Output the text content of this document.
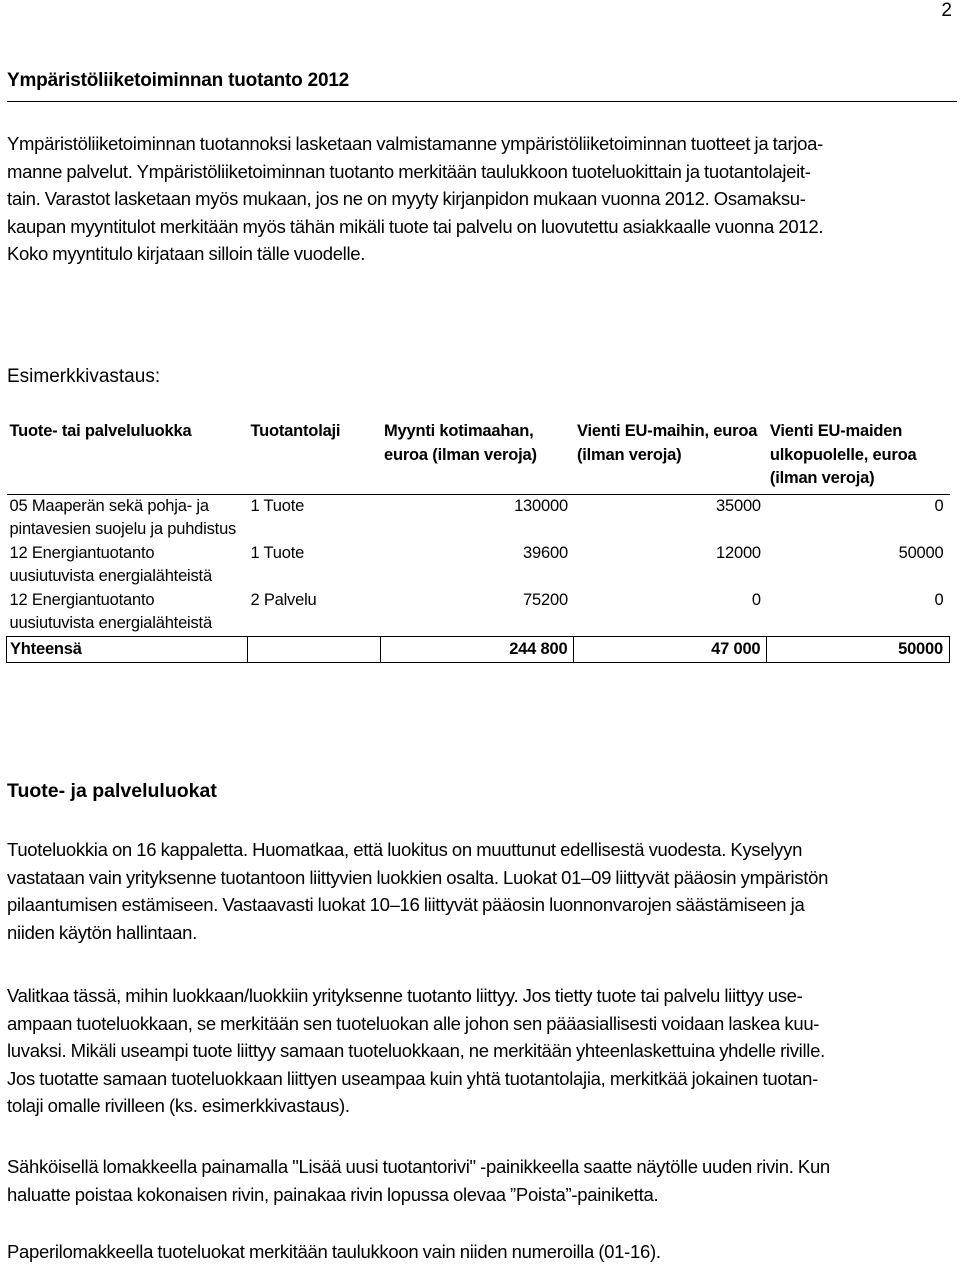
2
Ympäristöliiketoiminnan tuotanto 2012
Ympäristöliiketoiminnan tuotannoksi lasketaan valmistamanne ympäristöliiketoiminnan tuotteet ja tarjoa-
manne palvelut. Ympäristöliiketoiminnan tuotanto merkitään taulukkoon tuoteluokittain ja tuotantolajeit-
tain. Varastot lasketaan myös mukaan, jos ne on myyty kirjanpidon mukaan vuonna 2012. Osamaksu-
kaupan myyntitulot merkitään myös tähän mikäli tuote tai palvelu on luovutettu asiakkaalle vuonna 2012.
Koko myyntitulo kirjataan silloin tälle vuodelle.
Esimerkkivastaus:
Tuote- tai palveluluokka	Tuotantolaji	Myynti kotimaahan, euroa (ilman veroja)	Vienti EU-maihin, euroa (ilman veroja)	Vienti EU-maiden ulkopuolelle, euroa (ilman veroja)
05 Maaperän sekä pohja- ja pintavesien suojelu ja puhdistus	1 Tuote	130000	35000	0
12 Energiantuotanto uusiutuvista energialähteistä	1 Tuote	39600	12000	50000
12 Energiantuotanto uusiutuvista energialähteistä	2 Palvelu	75200	0	0
Yhteensä		244 800	47 000	50000
Tuote- ja palveluluokat
Tuoteluokkia on 16 kappaletta. Huomatkaa, että luokitus on muuttunut edellisestä vuodesta. Kyselyyn
vastataan vain yrityksenne tuotantoon liittyvien luokkien osalta. Luokat 01–09 liittyvät pääosin ympäristön
pilaantumisen estämiseen. Vastaavasti luokat 10–16 liittyvät pääosin luonnonvarojen säästämiseen ja
niiden käytön hallintaan.
Valitkaa tässä, mihin luokkaan/luokkiin yrityksenne tuotanto liittyy. Jos tietty tuote tai palvelu liittyy use-
ampaan tuoteluokkaan, se merkitään sen tuoteluokan alle johon sen pääasiallisesti voidaan laskea kuu-
luvaksi. Mikäli useampi tuote liittyy samaan tuoteluokkaan, ne merkitään yhteenlaskettuina yhdelle riville.
Jos tuotatte samaan tuoteluokkaan liittyen useampaa kuin yhtä tuotantolajia, merkitkää jokainen tuotan-
tolaji omalle rivilleen (ks. esimerkkivastaus).
Sähköisellä lomakkeella painamalla "Lisää uusi tuotantorivi" -painikkeella saatte näytölle uuden rivin. Kun
haluatte poistaa kokonaisen rivin, painakaa rivin lopussa olevaa ”Poista”-painiketta.
Paperilomakkeella tuoteluokat merkitään taulukkoon vain niiden numeroilla (01-16).
